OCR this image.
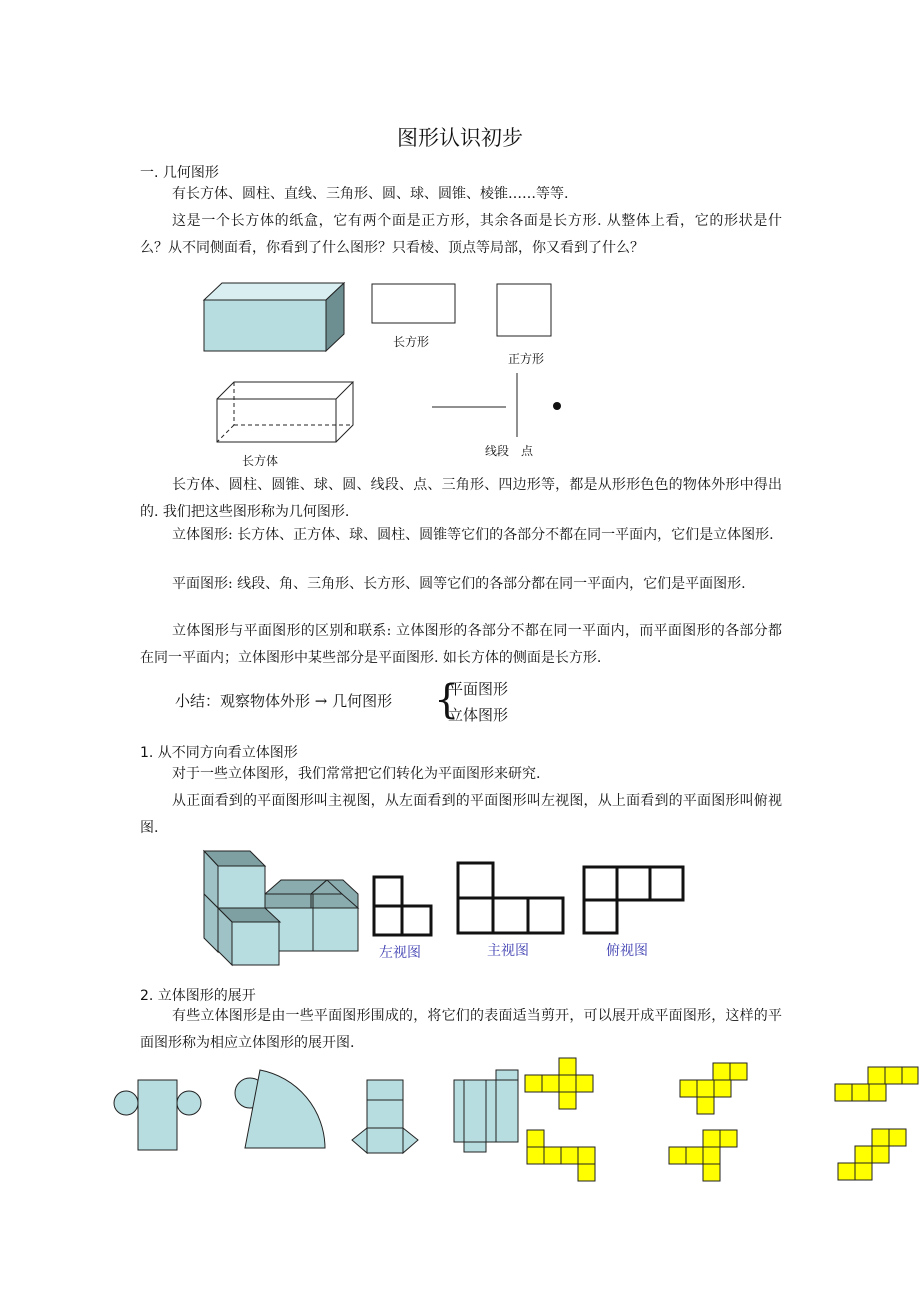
图形认识初步
一. 几何图形
有长方体、圆柱、直线、三角形、圆、球、圆锥、棱锥……等等.
这是一个长方体的纸盒，它有两个面是正方形，其余各面是长方形. 从整体上看，它的形状是什么？从不同侧面看，你看到了什么图形？只看棱、顶点等局部，你又看到了什么？
长方形
正方形
长方体
线段　点
长方体、圆柱、圆锥、球、圆、线段、点、三角形、四边形等，都是从形形色色的物体外形中得出的. 我们把这些图形称为几何图形.
立体图形: 长方体、正方体、球、圆柱、圆锥等它们的各部分不都在同一平面内，它们是立体图形.
平面图形: 线段、角、三角形、长方形、圆等它们的各部分都在同一平面内，它们是平面图形.
立体图形与平面图形的区别和联系: 立体图形的各部分不都在同一平面内，而平面图形的各部分都在同一平面内；立体图形中某些部分是平面图形. 如长方体的侧面是长方形.
小结：观察物体外形 → 几何图形 {
平面图形
立体图形
1. 从不同方向看立体图形
对于一些立体图形，我们常常把它们转化为平面图形来研究.
从正面看到的平面图形叫主视图，从左面看到的平面图形叫左视图，从上面看到的平面图形叫俯视图.
左视图	主视图	俯视图
2. 立体图形的展开
有些立体图形是由一些平面图形围成的，将它们的表面适当剪开，可以展开成平面图形，这样的平面图形称为相应立体图形的展开图.
